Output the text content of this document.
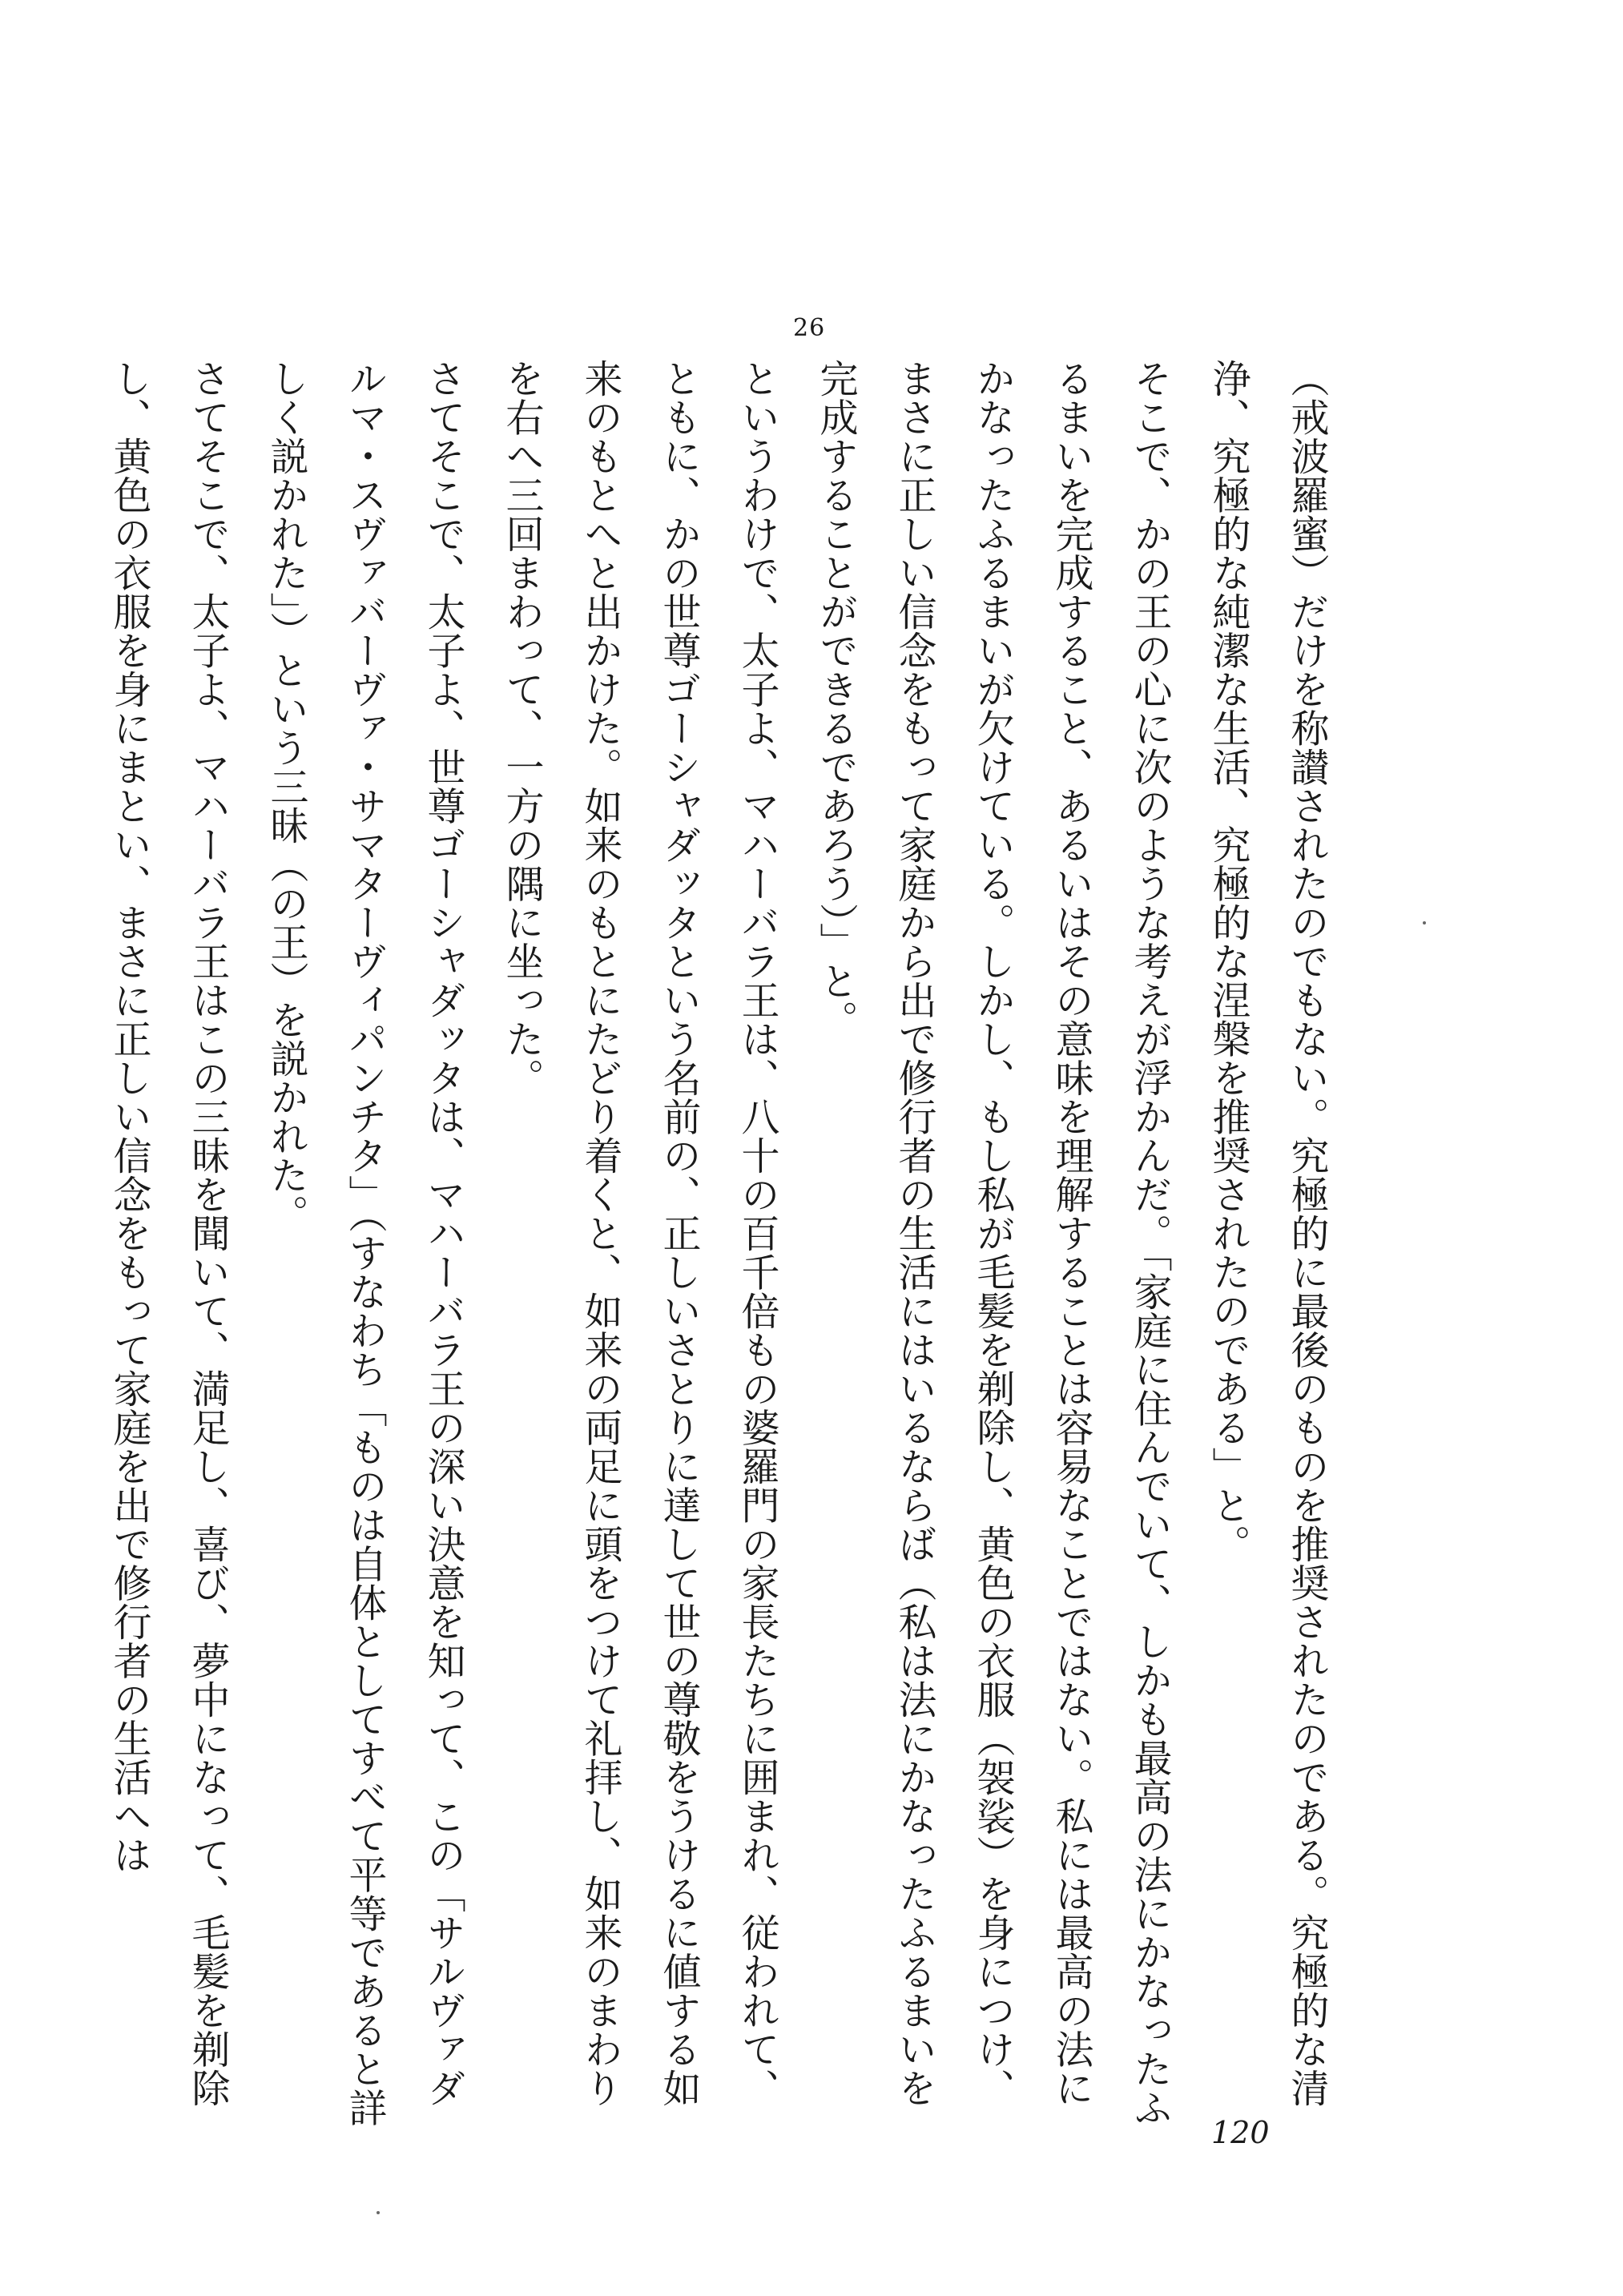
26

（戒波羅蜜）だけを称讃されたのでもない。究極的に最後のものを推奨されたのである。究極的な清浄、究極的な純潔な生活、究極的な涅槃を推奨されたのである」と。

そこで、かの王の心に次のような考えが浮かんだ。「家庭に住んでいて、しかも最高の法にかなったふるまいを完成すること、あるいはその意味を理解することは容易なことではない。私には最高の法にかなったふるまいが欠けている。しかし、もし私が毛髪を剃除し、黄色の衣服（袈裟）を身につけ、まさに正しい信念をもって家庭から出で修行者の生活にはいるならば（私は法にかなったふるまいを完成することができるであろう）」と。

というわけで、太子よ、マハーバラ王は、八十の百千倍もの婆羅門の家長たちに囲まれ、従われて、ともに、かの世尊ゴーシャダッタという名前の、正しいさとりに達して世の尊敬をうけるに値する如来のもとへと出かけた。如来のもとにたどり着くと、如来の両足に頭をつけて礼拝し、如来のまわりを右へ三回まわって、一方の隅に坐った。

さてそこで、太子よ、世尊ゴーシャダッタは、マハーバラ王の深い決意を知って、この「サルヴァダルマ・スヴァバーヴァ・サマターヴィパンチタ」（すなわち「ものは自体としてすべて平等であると詳しく説かれた」）という三昧（の王）を説かれた。

さてそこで、太子よ、マハーバラ王はこの三昧を聞いて、満足し、喜び、夢中になって、毛髪を剃除し、黄色の衣服を身にまとい、まさに正しい信念をもって家庭を出で修行者の生活へは

120
